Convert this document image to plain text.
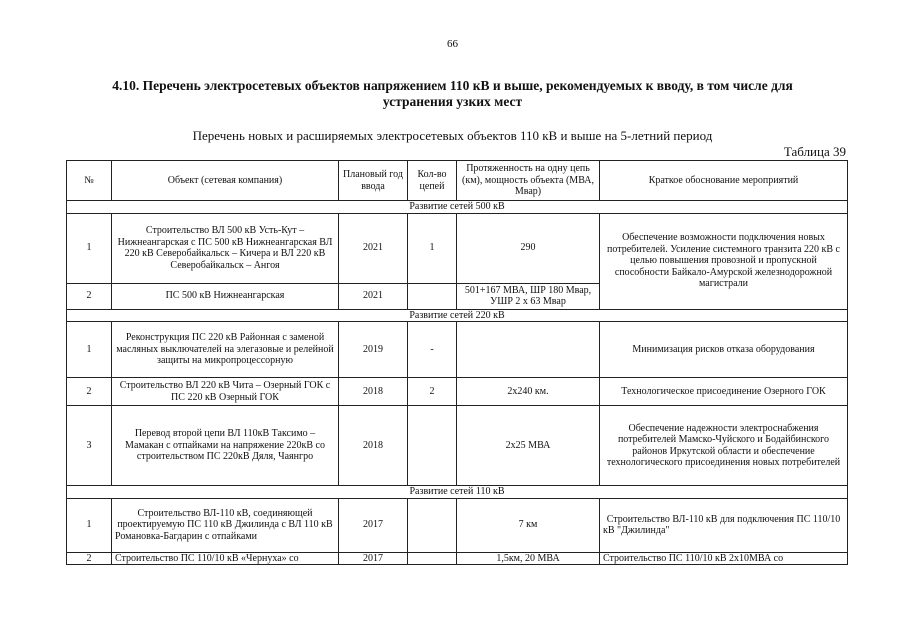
66
4.10. Перечень электросетевых объектов напряжением 110 кВ и выше, рекомендуемых к вводу, в том числе для устранения узких мест
Перечень новых и расширяемых электросетевых объектов 110 кВ и выше на 5-летний период
Таблица 39
№	Объект (сетевая компания)	Плановый год ввода	Кол-во цепей	Протяженность на одну цепь (км), мощность объекта (МВА, Мвар)	Краткое обоснование мероприятий
Развитие сетей 500 кВ					
1	Строительство ВЛ 500 кВ Усть-Кут – Нижнеангарская с ПС 500 кВ Нижнеангарская ВЛ 220 кВ Северобайкальск – Кичера и ВЛ 220 кВ Северобайкальск – Ангоя	2021	1	290	Обеспечение возможности подключения новых потребителей. Усиление системного транзита 220 кВ с целью повышения провозной и пропускной способности Байкало-Амурской железнодорожной магистрали
2	ПС 500 кВ Нижнеангарская	2021		501+167 МВА, ШР 180 Мвар, УШР 2 х 63 Мвар	
Развитие сетей 220 кВ					
1	Реконструкция ПС 220 кВ Районная с заменой масляных выключателей на элегазовые и релейной защиты на микропроцессорную	2019	-		Минимизация рисков отказа оборудования
2	Строительство ВЛ 220 кВ Чита – Озерный ГОК с ПС 220 кВ Озерный ГОК	2018	2	2х240 км.	Технологическое присоединение Озерного ГОК
3	Перевод второй цепи ВЛ 110кВ Таксимо – Мамакан с отпайками на напряжение 220кВ со строительством ПС 220кВ Дяля, Чаянгро	2018		2х25 МВА	Обеспечение надежности электроснабжения потребителей Мамско-Чуйского и Бодайбинского районов Иркутской области и обеспечение технологического присоединения новых потребителей
Развитие сетей 110 кВ					
1	Строительство ВЛ-110 кВ, соединяющей проектируемую ПС 110 кВ Джилинда с ВЛ 110 кВ Романовка-Багдарин с отпайками	2017		7 км	Строительство ВЛ-110 кВ для подключения ПС 110/10 кВ "Джилинда"
2	Строительство ПС 110/10 кВ «Чернуха» со	2017		1,5км, 20 МВА	Строительство ПС 110/10 кВ 2х10МВА со
